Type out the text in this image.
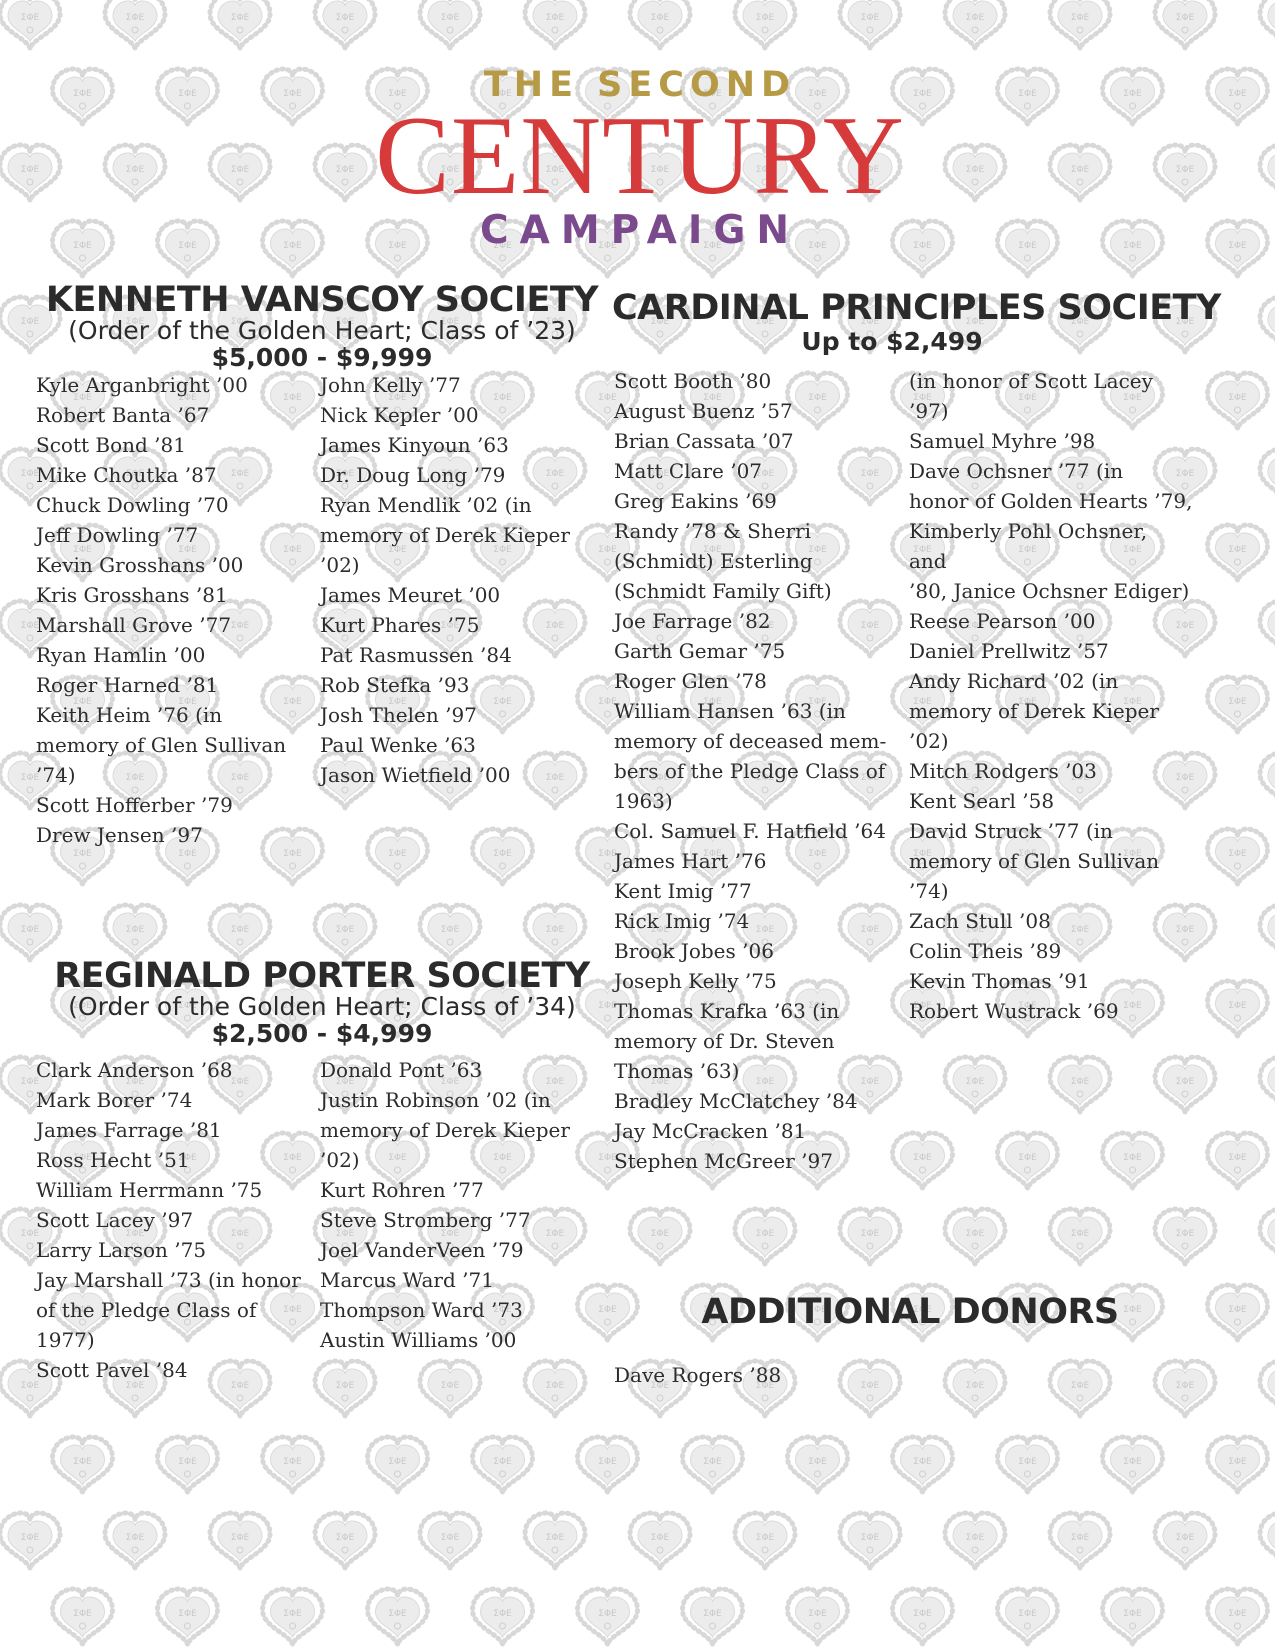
THE SECOND
CENTURY
CAMPAIGN
KENNETH VANSCOY SOCIETY
(Order of the Golden Heart; Class of ’23)
$5,000 - $9,999
Kyle Arganbright ’00
Robert Banta ’67
Scott Bond ’81
Mike Choutka ’87
Chuck Dowling ’70
Jeff Dowling ’77
Kevin Grosshans ’00
Kris Grosshans ’81
Marshall Grove ’77
Ryan Hamlin ’00
Roger Harned ’81
Keith Heim ’76 (in
memory of Glen Sullivan
’74)
Scott Hofferber ’79
Drew Jensen ’97
John Kelly ’77
Nick Kepler ’00
James Kinyoun ’63
Dr. Doug Long ’79
Ryan Mendlik ’02 (in
memory of Derek Kieper
’02)
James Meuret ’00
Kurt Phares ’75
Pat Rasmussen ’84
Rob Stefka ’93
Josh Thelen ’97
Paul Wenke ’63
Jason Wietfield ’00
REGINALD PORTER SOCIETY
(Order of the Golden Heart; Class of ’34)
$2,500 - $4,999
Clark Anderson ’68
Mark Borer ’74
James Farrage ’81
Ross Hecht ’51
William Herrmann ’75
Scott Lacey ’97
Larry Larson ’75
Jay Marshall ’73 (in honor
of the Pledge Class of 1977)
Scott Pavel ’84
Donald Pont ’63
Justin Robinson ’02 (in
memory of Derek Kieper
’02)
Kurt Rohren ’77
Steve Stromberg ’77
Joel VanderVeen ’79
Marcus Ward ’71
Thompson Ward ’73
Austin Williams ’00
CARDINAL PRINCIPLES SOCIETY
Up to $2,499
Scott Booth ’80
August Buenz ’57
Brian Cassata ’07
Matt Clare ’07
Greg Eakins ’69
Randy ’78 & Sherri
(Schmidt) Esterling
(Schmidt Family Gift)
Joe Farrage ’82
Garth Gemar ’75
Roger Glen ’78
William Hansen ’63 (in
memory of deceased mem-
bers of the Pledge Class of
1963)
Col. Samuel F. Hatfield ’64
James Hart ’76
Kent Imig ’77
Rick Imig ’74
Brook Jobes ’06
Joseph Kelly ’75
Thomas Krafka ’63 (in
memory of Dr. Steven
Thomas ’63)
Bradley McClatchey ’84
Jay McCracken ’81
Stephen McGreer ’97
(in honor of Scott Lacey
’97)
Samuel Myhre ’98
Dave Ochsner ’77 (in
honor of Golden Hearts ’79,
Kimberly Pohl Ochsner,
and
’80, Janice Ochsner Ediger)
Reese Pearson ’00
Daniel Prellwitz ’57
Andy Richard ’02 (in
memory of Derek Kieper
’02)
Mitch Rodgers ’03
Kent Searl ’58
David Struck ’77 (in
memory of Glen Sullivan
’74)
Zach Stull ’08
Colin Theis ’89
Kevin Thomas ’91
Robert Wustrack ’69
ADDITIONAL DONORS
Dave Rogers ’88
